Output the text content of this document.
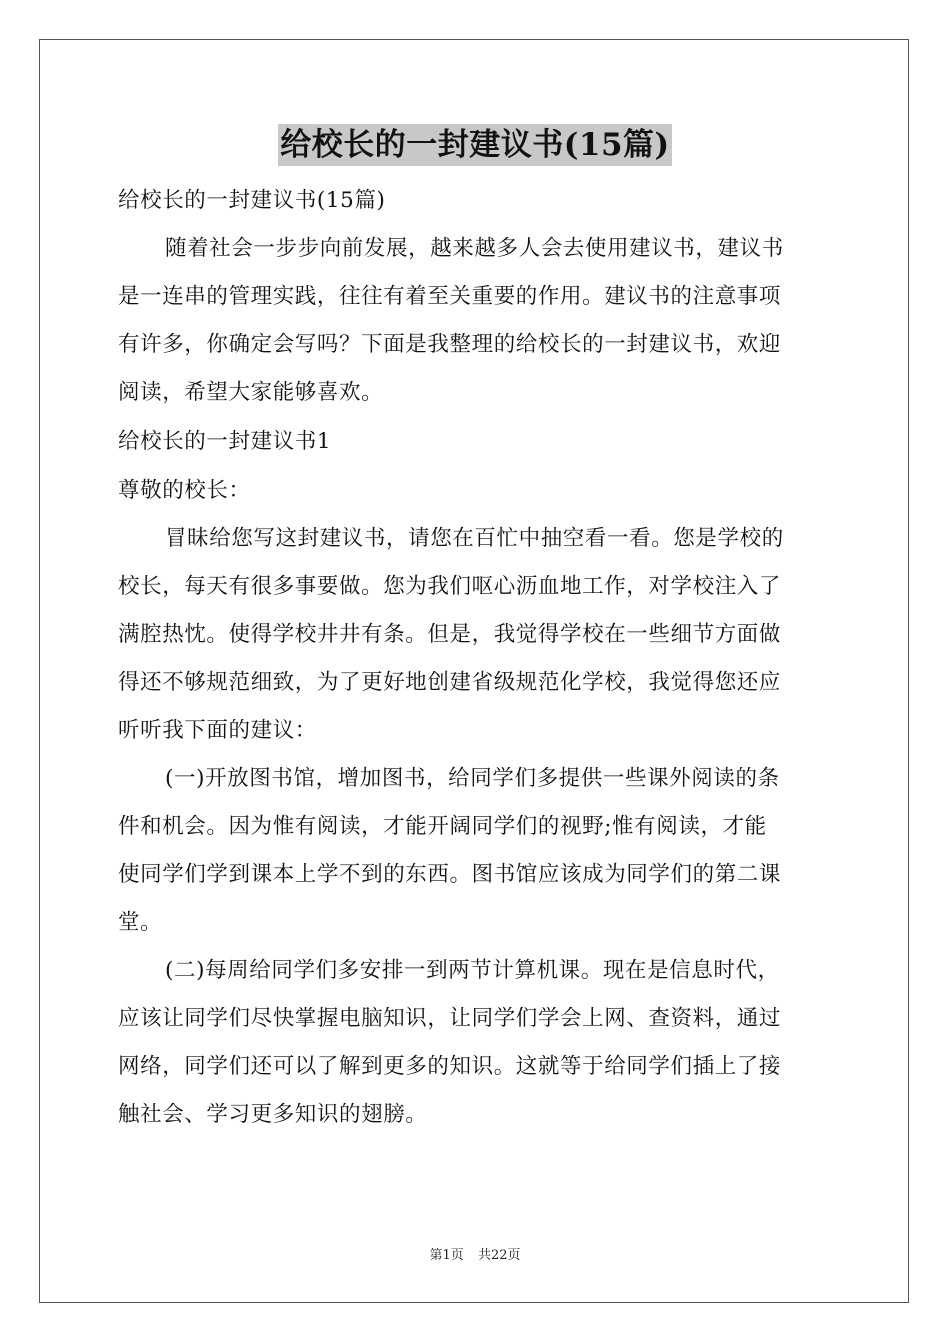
给校长的一封建议书(15篇)
给校长的一封建议书(15篇)
随着社会一步步向前发展，越来越多人会去使用建议书，建议书
是一连串的管理实践，往往有着至关重要的作用。建议书的注意事项
有许多，你确定会写吗？下面是我整理的给校长的一封建议书，欢迎
阅读，希望大家能够喜欢。
给校长的一封建议书1
尊敬的校长：
冒昧给您写这封建议书，请您在百忙中抽空看一看。您是学校的
校长，每天有很多事要做。您为我们呕心沥血地工作，对学校注入了
满腔热忱。使得学校井井有条。但是，我觉得学校在一些细节方面做
得还不够规范细致，为了更好地创建省级规范化学校，我觉得您还应
听听我下面的建议：
(一)开放图书馆，增加图书，给同学们多提供一些课外阅读的条
件和机会。因为惟有阅读，才能开阔同学们的视野;惟有阅读，才能
使同学们学到课本上学不到的东西。图书馆应该成为同学们的第二课
堂。
(二)每周给同学们多安排一到两节计算机课。现在是信息时代，
应该让同学们尽快掌握电脑知识，让同学们学会上网、查资料，通过
网络，同学们还可以了解到更多的知识。这就等于给同学们插上了接
触社会、学习更多知识的翅膀。
第1页 共22页
